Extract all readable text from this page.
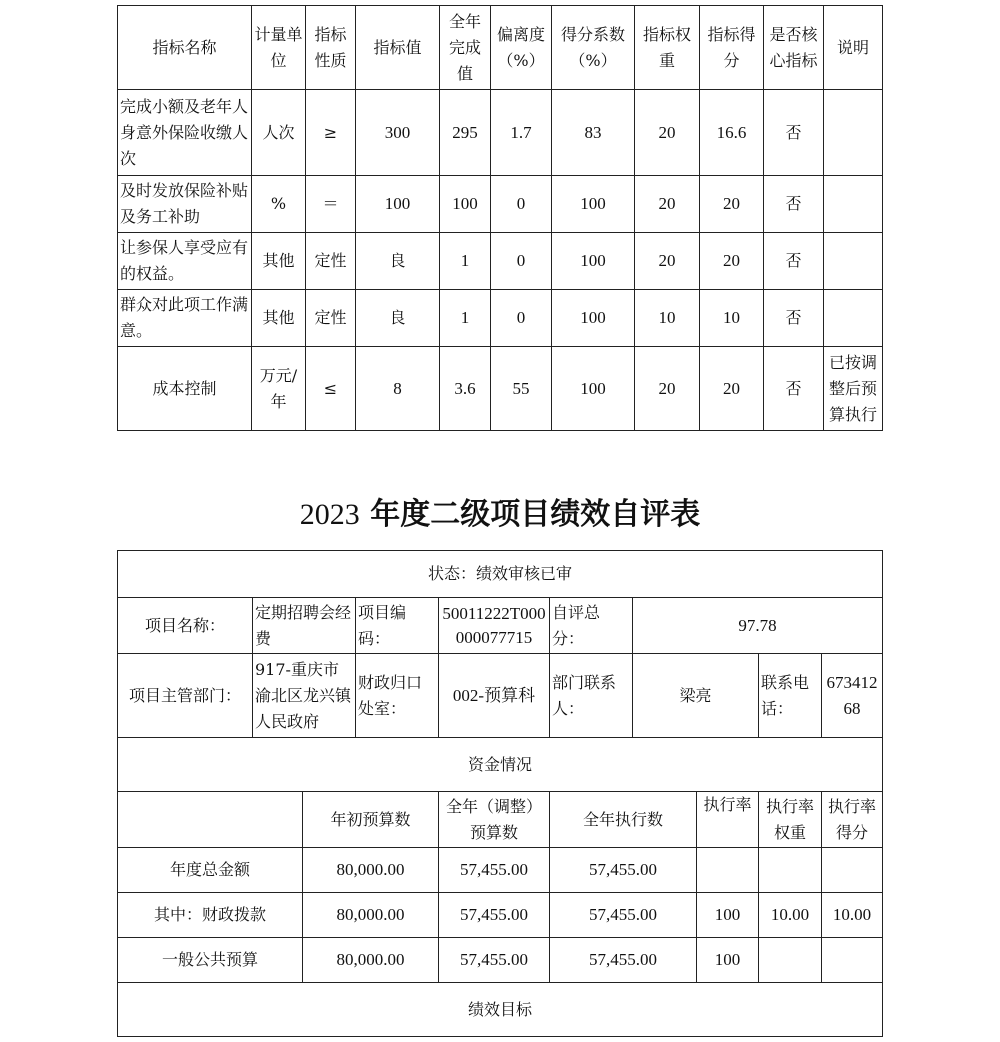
指标名称	计量单位	指标性质	指标值	全年完成值	偏离度（%）	得分系数（%）	指标权重	指标得分	是否核心指标	说明
完成小额及老年人身意外保险收缴人次	人次	≥	300	295	1.7	83	20	16.6	否	
及时发放保险补贴及务工补助	%	＝	100	100	0	100	20	20	否	
让参保人享受应有的权益。	其他	定性	良	1	0	100	20	20	否	
群众对此项工作满意。	其他	定性	良	1	0	100	10	10	否	
成本控制	万元/年	≤	8	3.6	55	100	20	20	否	已按调整后预算执行
2023 年度二级项目绩效自评表
状态：绩效审核已审									
项目名称：	定期招聘会经费		项目编码：	50011222T000000077715	自评总分：	97.78			
项目主管部门：	917-重庆市渝北区龙兴镇人民政府		财政归口处室：	002-预算科	部门联系人：	梁亮		联系电话：	67341268
资金情况									
		年初预算数		全年（调整）预算数	全年执行数		执行率	执行率权重	执行率得分
年度总金额		80,000.00		57,455.00	57,455.00				
其中：财政拨款		80,000.00		57,455.00	57,455.00		100	10.00	10.00
一般公共预算		80,000.00		57,455.00	57,455.00		100		
绩效目标									
